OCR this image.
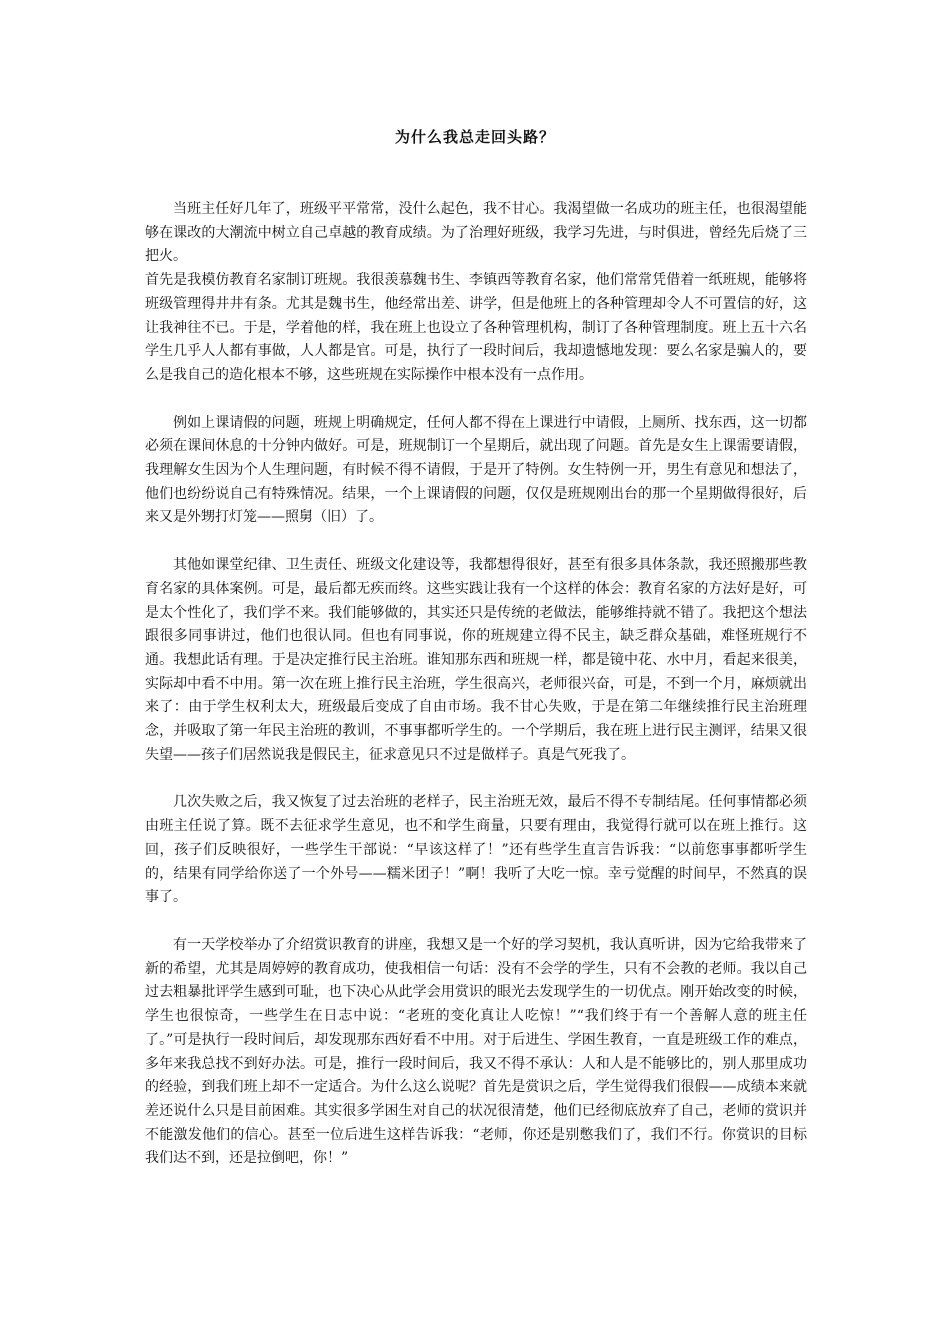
为什么我总走回头路？

当班主任好几年了，班级平平常常，没什么起色，我不甘心。我渴望做一名成功的班主任，也很渴望能够在课改的大潮流中树立自己卓越的教育成绩。为了治理好班级，我学习先进，与时俱进，曾经先后烧了三把火。

首先是我模仿教育名家制订班规。我很羡慕魏书生、李镇西等教育名家，他们常常凭借着一纸班规，能够将班级管理得井井有条。尤其是魏书生，他经常出差、讲学，但是他班上的各种管理却令人不可置信的好，这让我神往不已。于是，学着他的样，我在班上也设立了各种管理机构，制订了各种管理制度。班上五十六名学生几乎人人都有事做，人人都是官。可是，执行了一段时间后，我却遗憾地发现：要么名家是骗人的，要么是我自己的造化根本不够，这些班规在实际操作中根本没有一点作用。

例如上课请假的问题，班规上明确规定，任何人都不得在上课进行中请假，上厕所、找东西，这一切都必须在课间休息的十分钟内做好。可是，班规制订一个星期后，就出现了问题。首先是女生上课需要请假，我理解女生因为个人生理问题，有时候不得不请假，于是开了特例。女生特例一开，男生有意见和想法了，他们也纷纷说自己有特殊情况。结果，一个上课请假的问题，仅仅是班规刚出台的那一个星期做得很好，后来又是外甥打灯笼——照舅（旧）了。

其他如课堂纪律、卫生责任、班级文化建设等，我都想得很好，甚至有很多具体条款，我还照搬那些教育名家的具体案例。可是，最后都无疾而终。这些实践让我有一个这样的体会：教育名家的方法好是好，可是太个性化了，我们学不来。我们能够做的，其实还只是传统的老做法，能够维持就不错了。我把这个想法跟很多同事讲过，他们也很认同。但也有同事说，你的班规建立得不民主，缺乏群众基础，难怪班规行不通。我想此话有理。于是决定推行民主治班。谁知那东西和班规一样，都是镜中花、水中月，看起来很美，实际却中看不中用。第一次在班上推行民主治班，学生很高兴，老师很兴奋，可是，不到一个月，麻烦就出来了：由于学生权利太大，班级最后变成了自由市场。我不甘心失败，于是在第二年继续推行民主治班理念，并吸取了第一年民主治班的教训，不事事都听学生的。一个学期后，我在班上进行民主测评，结果又很失望——孩子们居然说我是假民主，征求意见只不过是做样子。真是气死我了。

几次失败之后，我又恢复了过去治班的老样子，民主治班无效，最后不得不专制结尾。任何事情都必须由班主任说了算。既不去征求学生意见，也不和学生商量，只要有理由，我觉得行就可以在班上推行。这回，孩子们反映很好，一些学生干部说：“早该这样了！”还有些学生直言告诉我：“以前您事事都听学生的，结果有同学给你送了一个外号——糯米团子！”啊！我听了大吃一惊。幸亏觉醒的时间早，不然真的误事了。

有一天学校举办了介绍赏识教育的讲座，我想又是一个好的学习契机，我认真听讲，因为它给我带来了新的希望，尤其是周婷婷的教育成功，使我相信一句话：没有不会学的学生，只有不会教的老师。我以自己过去粗暴批评学生感到可耻，也下决心从此学会用赏识的眼光去发现学生的一切优点。刚开始改变的时候，学生也很惊奇，一些学生在日志中说：“老班的变化真让人吃惊！”“我们终于有一个善解人意的班主任了。”可是执行一段时间后，却发现那东西好看不中用。对于后进生、学困生教育，一直是班级工作的难点，多年来我总找不到好办法。可是，推行一段时间后，我又不得不承认：人和人是不能够比的，别人那里成功的经验，到我们班上却不一定适合。为什么这么说呢？首先是赏识之后，学生觉得我们很假——成绩本来就差还说什么只是目前困难。其实很多学困生对自己的状况很清楚，他们已经彻底放弃了自己，老师的赏识并不能激发他们的信心。甚至一位后进生这样告诉我：“老师，你还是别憋我们了，我们不行。你赏识的目标我们达不到，还是拉倒吧，你！”
